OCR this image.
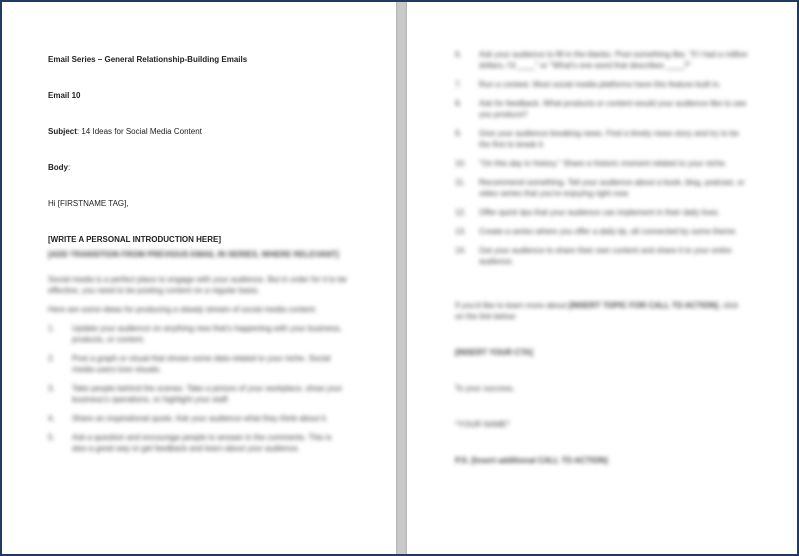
Email Series – General Relationship-Building Emails

Email 10

Subject: 14 Ideas for Social Media Content

Body:

Hi [FIRSTNAME TAG],

[WRITE A PERSONAL INTRODUCTION HERE]

[ADD TRANSITION FROM PREVIOUS EMAIL IN SERIES, WHERE RELEVANT]

Social media is a perfect place to engage with your audience. But in order for it to be effective, you need to be posting content on a regular basis.

Here are some ideas for producing a steady stream of social media content:

1.	Update your audience on anything new that's happening with your business, products, or content.
2.	Post a graph or visual that shows some data related to your niche. Social media users love visuals.
3.	Take people behind the scenes. Take a picture of your workplace, show your business's operations, or highlight your staff.
4.	Share an inspirational quote. Ask your audience what they think about it.
5.	Ask a question and encourage people to answer in the comments. This is also a great way to get feedback and learn about your audience.
6.	Ask your audience to fill in the blanks. Post something like, "If I had a million dollars, I'd ____" or "What's one word that describes ____?"
7.	Run a contest. Most social media platforms have this feature built in.
8.	Ask for feedback. What products or content would your audience like to see you produce?
9.	Give your audience breaking news. Find a timely news story and try to be the first to break it.
10.	"On this day in history." Share a historic moment related to your niche.
11.	Recommend something. Tell your audience about a book, blog, podcast, or video series that you're enjoying right now.
12.	Offer quick tips that your audience can implement in their daily lives.
13.	Create a series where you offer a daily tip, all connected by some theme.
14.	Get your audience to share their own content and share it to your entire audience.

If you'd like to learn more about [INSERT TOPIC FOR CALL TO ACTION], click on the link below:

[INSERT YOUR CTA]

To your success,

*YOUR NAME*

P.S. [Insert additional CALL TO ACTION]
